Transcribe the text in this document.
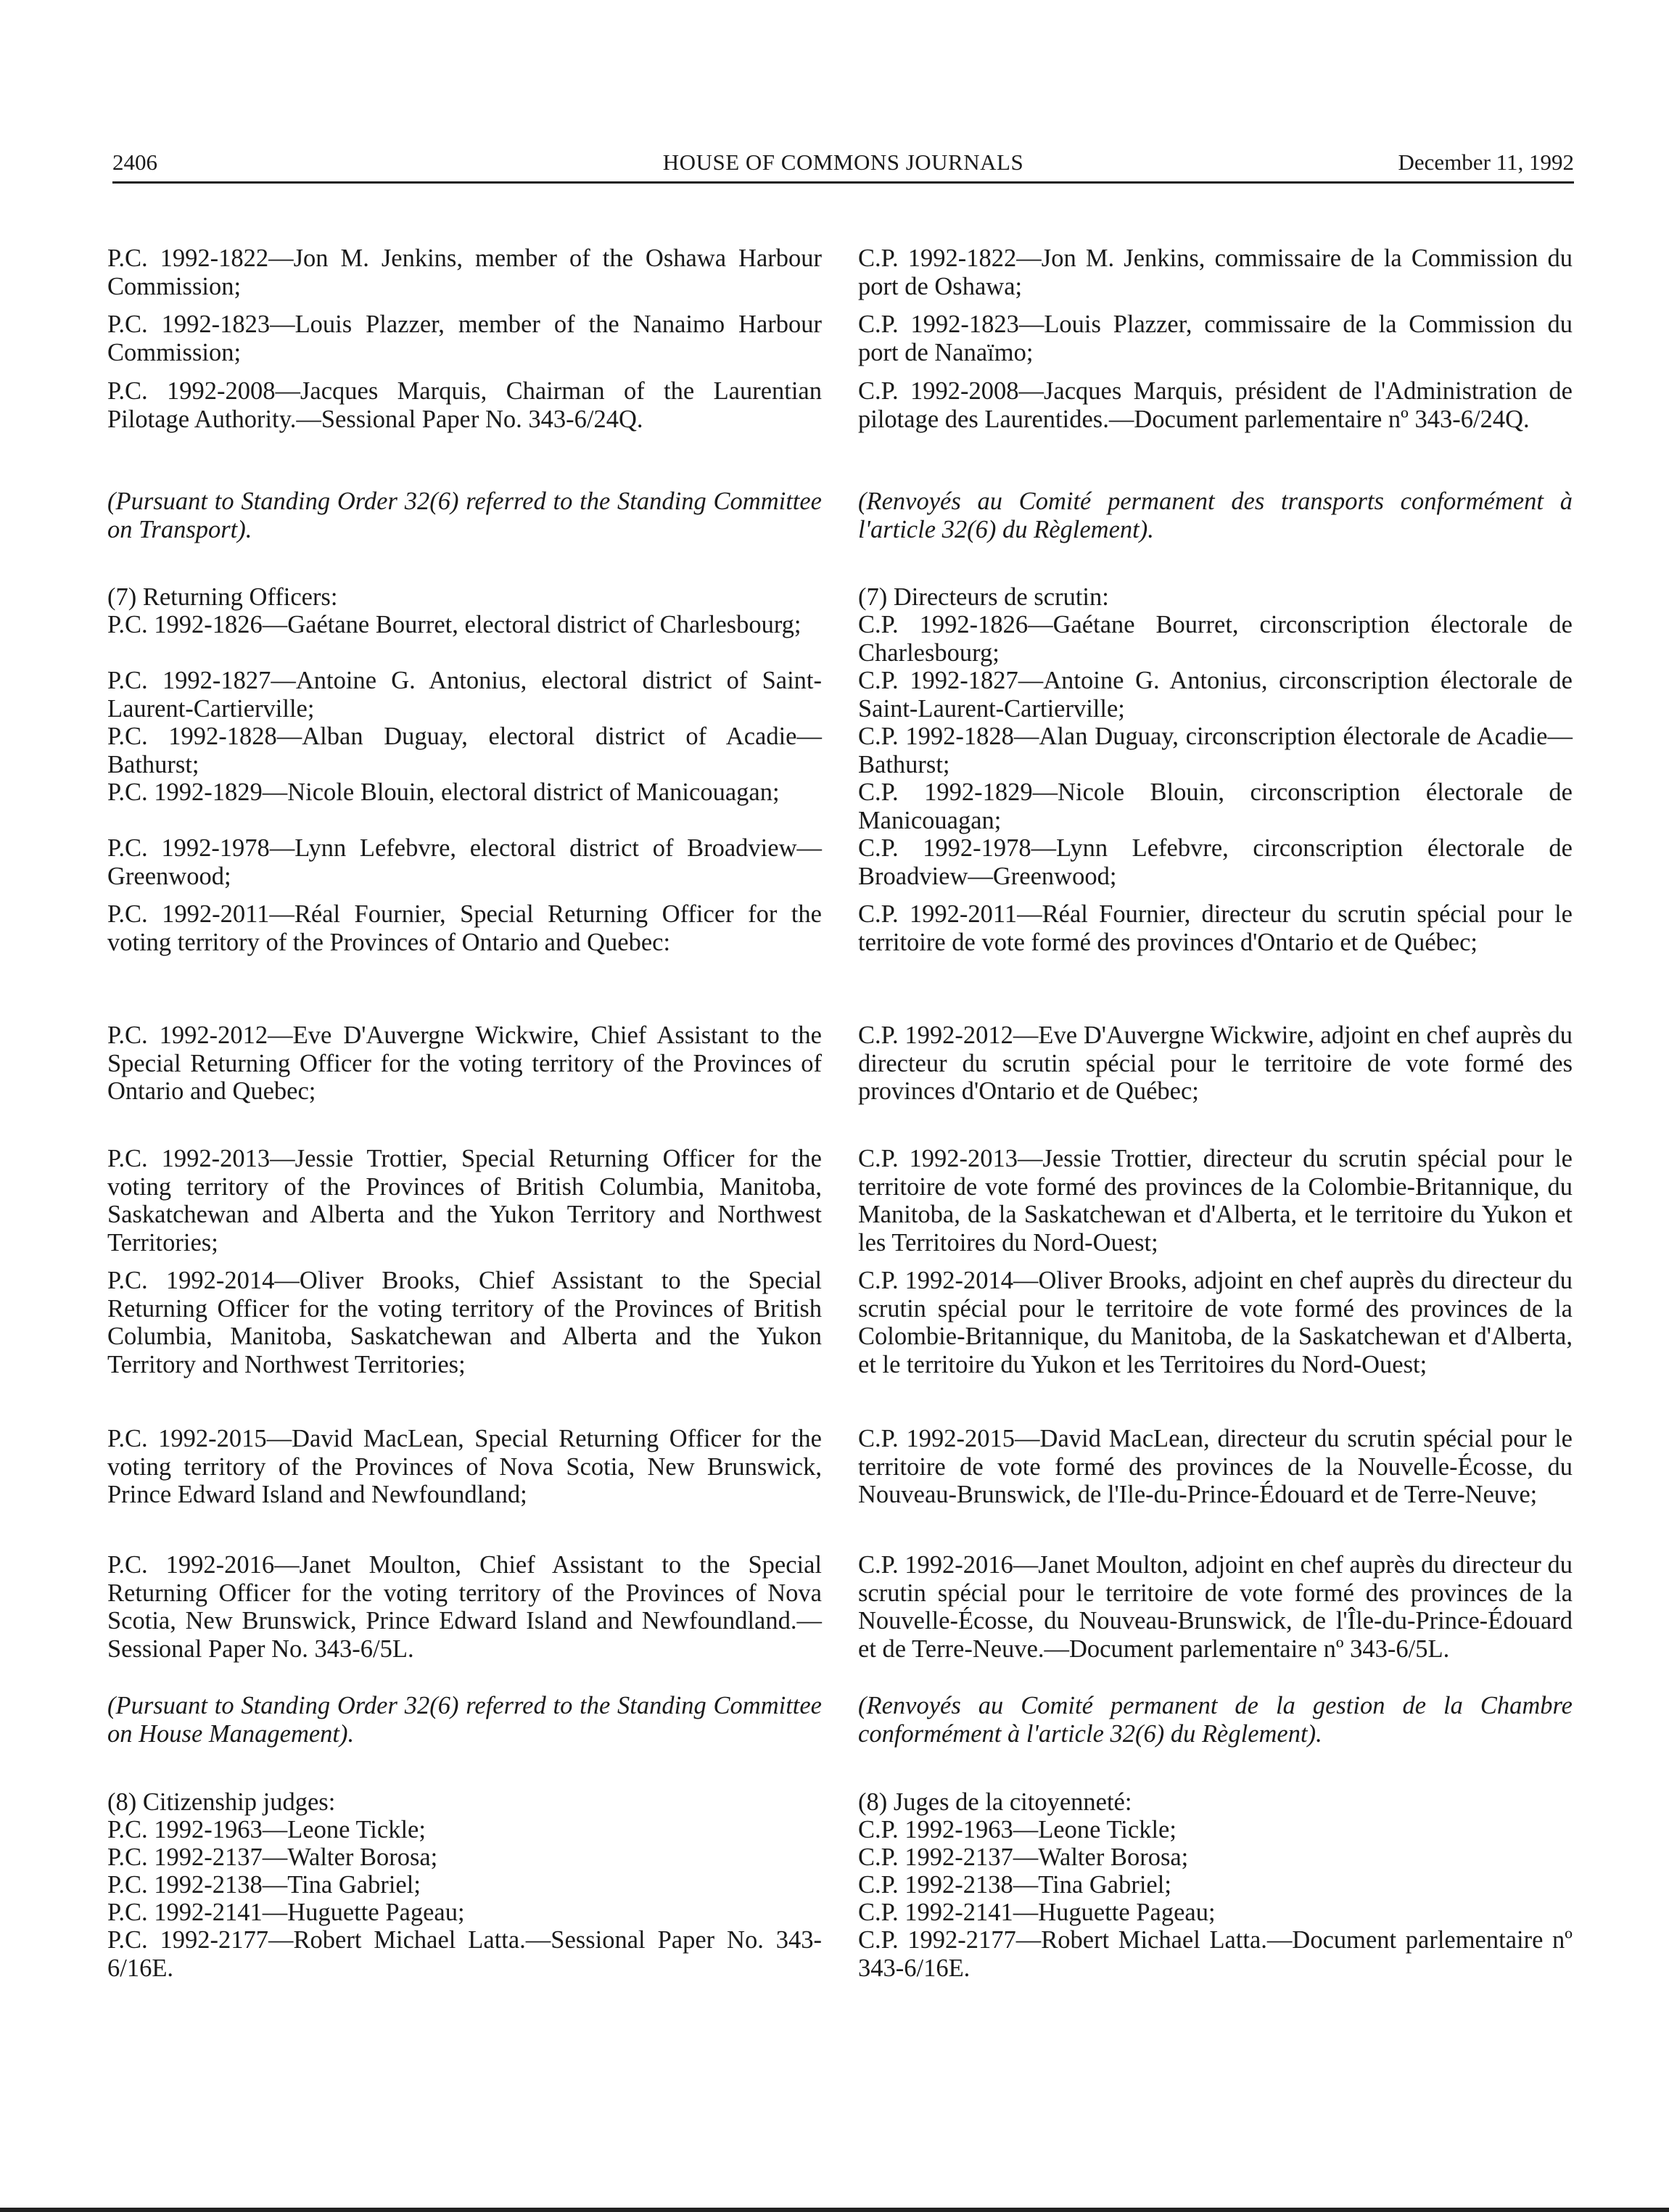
2406	HOUSE OF COMMONS JOURNALS	December 11, 1992
P.C. 1992-1822—Jon M. Jenkins, member of the Oshawa Harbour Commission;
P.C. 1992-1823—Louis Plazzer, member of the Nanaimo Harbour Commission;
P.C. 1992-2008—Jacques Marquis, Chairman of the Laurentian Pilotage Authority.—Sessional Paper No. 343-6/24Q.
(Pursuant to Standing Order 32(6) referred to the Standing Committee on Transport).
(7) Returning Officers:
P.C. 1992-1826—Gaétane Bourret, electoral district of Charlesbourg;
P.C. 1992-1827—Antoine G. Antonius, electoral district of Saint-Laurent-Cartierville;
P.C. 1992-1828—Alban Duguay, electoral district of Acadie—Bathurst;
P.C. 1992-1829—Nicole Blouin, electoral district of Manicouagan;
P.C. 1992-1978—Lynn Lefebvre, electoral district of Broadview—Greenwood;
P.C. 1992-2011—Réal Fournier, Special Returning Officer for the voting territory of the Provinces of Ontario and Quebec:
P.C. 1992-2012—Eve D'Auvergne Wickwire, Chief Assistant to the Special Returning Officer for the voting territory of the Provinces of Ontario and Quebec;
P.C. 1992-2013—Jessie Trottier, Special Returning Officer for the voting territory of the Provinces of British Columbia, Manitoba, Saskatchewan and Alberta and the Yukon Territory and Northwest Territories;
P.C. 1992-2014—Oliver Brooks, Chief Assistant to the Special Returning Officer for the voting territory of the Provinces of British Columbia, Manitoba, Saskatchewan and Alberta and the Yukon Territory and Northwest Territories;
P.C. 1992-2015—David MacLean, Special Returning Officer for the voting territory of the Provinces of Nova Scotia, New Brunswick, Prince Edward Island and Newfoundland;
P.C. 1992-2016—Janet Moulton, Chief Assistant to the Special Returning Officer for the voting territory of the Provinces of Nova Scotia, New Brunswick, Prince Edward Island and Newfoundland.—Sessional Paper No. 343-6/5L.
(Pursuant to Standing Order 32(6) referred to the Standing Committee on House Management).
(8) Citizenship judges:
P.C. 1992-1963—Leone Tickle;
P.C. 1992-2137—Walter Borosa;
P.C. 1992-2138—Tina Gabriel;
P.C. 1992-2141—Huguette Pageau;
P.C. 1992-2177—Robert Michael Latta.—Sessional Paper No. 343-6/16E.
C.P. 1992-1822—Jon M. Jenkins, commissaire de la Commission du port de Oshawa;
C.P. 1992-1823—Louis Plazzer, commissaire de la Commission du port de Nanaïmo;
C.P. 1992-2008—Jacques Marquis, président de l'Administration de pilotage des Laurentides.—Document parlementaire nº 343-6/24Q.
(Renvoyés au Comité permanent des transports conformément à l'article 32(6) du Règlement).
(7) Directeurs de scrutin:
C.P. 1992-1826—Gaétane Bourret, circonscription électorale de Charlesbourg;
C.P. 1992-1827—Antoine G. Antonius, circonscription électorale de Saint-Laurent-Cartierville;
C.P. 1992-1828—Alan Duguay, circonscription électorale de Acadie—Bathurst;
C.P. 1992-1829—Nicole Blouin, circonscription électorale de Manicouagan;
C.P. 1992-1978—Lynn Lefebvre, circonscription électorale de Broadview—Greenwood;
C.P. 1992-2011—Réal Fournier, directeur du scrutin spécial pour le territoire de vote formé des provinces d'Ontario et de Québec;
C.P. 1992-2012—Eve D'Auvergne Wickwire, adjoint en chef auprès du directeur du scrutin spécial pour le territoire de vote formé des provinces d'Ontario et de Québec;
C.P. 1992-2013—Jessie Trottier, directeur du scrutin spécial pour le territoire de vote formé des provinces de la Colombie-Britannique, du Manitoba, de la Saskatchewan et d'Alberta, et le territoire du Yukon et les Territoires du Nord-Ouest;
C.P. 1992-2014—Oliver Brooks, adjoint en chef auprès du directeur du scrutin spécial pour le territoire de vote formé des provinces de la Colombie-Britannique, du Manitoba, de la Saskatchewan et d'Alberta, et le territoire du Yukon et les Territoires du Nord-Ouest;
C.P. 1992-2015—David MacLean, directeur du scrutin spécial pour le territoire de vote formé des provinces de la Nouvelle-Écosse, du Nouveau-Brunswick, de l'Ile-du-Prince-Édouard et de Terre-Neuve;
C.P. 1992-2016—Janet Moulton, adjoint en chef auprès du directeur du scrutin spécial pour le territoire de vote formé des provinces de la Nouvelle-Écosse, du Nouveau-Brunswick, de l'Île-du-Prince-Édouard et de Terre-Neuve.—Document parlementaire nº 343-6/5L.
(Renvoyés au Comité permanent de la gestion de la Chambre conformément à l'article 32(6) du Règlement).
(8) Juges de la citoyenneté:
C.P. 1992-1963—Leone Tickle;
C.P. 1992-2137—Walter Borosa;
C.P. 1992-2138—Tina Gabriel;
C.P. 1992-2141—Huguette Pageau;
C.P. 1992-2177—Robert Michael Latta.—Document parlementaire nº 343-6/16E.
